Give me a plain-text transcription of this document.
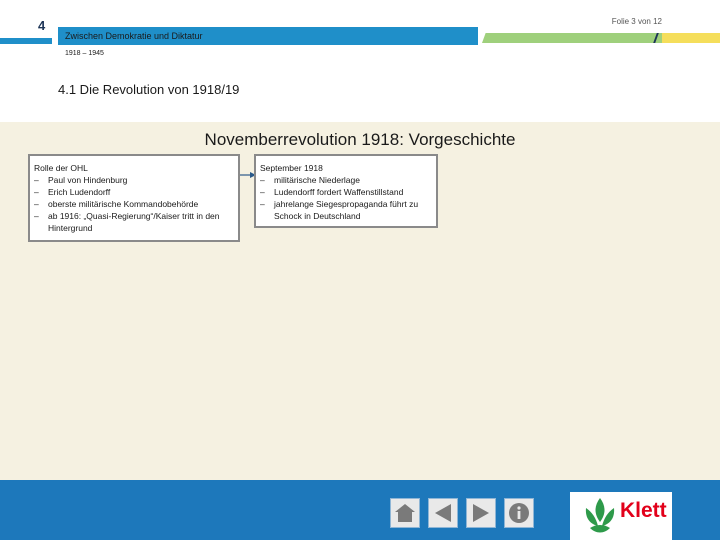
4	Folie 3 von 12
Zwischen Demokratie und Diktatur
1918 – 1945
4.1 Die Revolution von 1918/19
Novemberrevolution 1918: Vorgeschichte
Rolle der OHL
– Paul von Hindenburg
– Erich Ludendorff
– oberste militärische Kommandobehörde
– ab 1916: „Quasi-Regierung“/Kaiser tritt in den Hintergrund
September 1918
– militärische Niederlage
– Ludendorff fordert Waffenstillstand
– jahrelange Siegespropaganda führt zu Schock in Deutschland
Klett
